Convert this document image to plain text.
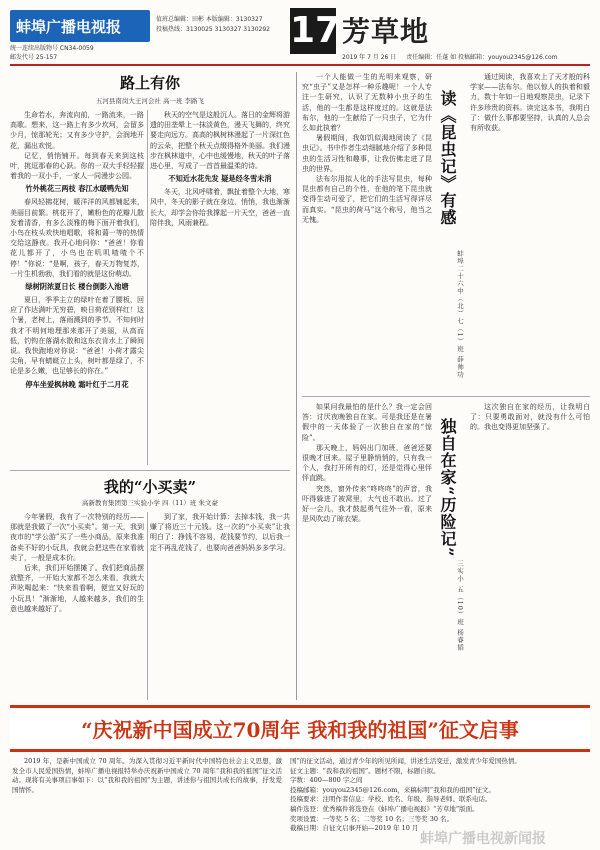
蚌埠广播电视报
统一连续出版物号 CN34-0059
邮发代号 25-157
值班总编辑：田彬 本版编辑：3130327
投稿热线：3130025 3130327 3130292 17 芳草地
2019 年 7 月 26 日 责任编辑：任蓬 如 投稿邮箱：youyou2345@126.com
路上有你
五河县南岗大王河会社 高一班 李路飞

生命若水，奔流向前，一路流来，一路高歌。想来，这一路上有多少坎坷，会留多少月，惊那轮光；又有多少守护，会润地开花，漏出欢悦。

记忆，悄悄铺开。每到春天来到这枝叶，挑逗那春的心跃。你的一双大手轻轻握着我的一双小手，一家人一同漫步公园。

竹外桃花三两枝 春江水暖鸭先知

春风轻拂花树，暖洋洋的风都铺起来，美丽目前繁。桃花开了，嫩粉色的花瓣儿散发着清香，有多么淡雅的梅下面开着我们，小鸟在枝头欢快地唱歌，将和蔼一等的热情交给这静夜。我开心地问你：“爸爸！你看花儿都开了，小鸟也在叽叽喳喳个不停！”你说：“是啊，孩子，春天万物复苏，一片生机勃勃，我们看的就是这份萌动。

绿树阴浓夏日长 楼台倒影入池塘

夏日，季季主立的绿叶在着了腰板，回应了作达满叶无穷碧，映日荷花别样红！这个暑，老树上，落雨溅到的季节。不知何时我才不明何地理那来那开了美丽，从高而低，钓钩在落湖水散和这东衣肯水上了瞬间说。我快跑地对你说：“爸爸！小荷才露尖尖角，早有蜻蜓立上头，树叶都是绿了，不论是多么嫩，也足够长的你在。”

停车坐爱枫林晚 霜叶红于二月花

秋天的空气是这般沉人。落日的金辉将游遗的田垄晕上一抹淡黄色，漫天飞舞的，终究要走向远方。高高的枫树林漫起了一片深红色的云朵，把整个秋天点缀得格外美丽。我们漫步在枫林道中，心中也缓慢地，秋天的叶子落进心里，写成了一首首最温柔的诗。

不知近水花先发 疑是经冬雪未消

冬天，北风呼啸着，飘扯着整个大地，寒风中，冬天的影子就在身边，悄悄，我也渐渐长大，却学会你给我撑起一片天空，爸爸一直陪伴我，风雨兼程。

我的“小买卖”
高新教育集团第三实验小学 四（11）班 朱文豪

今年暑假，我有了一次特别的经历——那就是我做了一次“小买卖”。第一天，我到夜市的“学公游”买了一些小商品，原来我准备卖不好的小玩具，我就会把这些在家看就卖了，一般是成本价。

后来，我们开始摆摊了。我们把商品摆放整齐，一开始大家都不怎么来看，我就大声吆喝起来：“快来看看啊，便宜又好玩的小玩具！”渐渐地，人越来越多，我们的生意也越来越好了。

到了家，我开始计算：去掉本钱，我一共赚了将近三十元钱。这一次的“小买卖”让我明白了：挣钱不容易，花钱要节约，以后我一定不再乱花钱了，也要向爸爸妈妈多多学习。

一个人能做一生的光明来观察，研究“虫子”又是怎样一种乐趣呢！一个人专注一生研究，认识了无数种小虫子的生活，他的一生都是这样度过的。这就是法布尔，他的一生献给了一只虫子，它为什么如此执着？

暑假期间，我如饥似渴地阅读了《昆虫记》。书中作者生动细腻地介绍了多种昆虫的生活习性和趣事，让我仿佛走进了昆虫的世界。

法布尔用拟人化的手法写昆虫，每种昆虫都有自己的个性，在他的笔下昆虫就变得生动可爱了，把它们的生活写得详尽而真实。“昆虫的荷马”这个称号，他当之无愧。	读《昆虫记》有感
蚌埠二十六中（北）七（1）班 薛帅功

通过阅读，我喜欢上了天才般的科学家——法布尔。他以惊人的执着和毅力，数十年如一日地观察昆虫，记录下许多珍贵的资料。读完这本书，我明白了：做什么事都要坚持，认真的人总会有所收获。

如果问我最怕的是什么？我一定会回答：讨厌夜晚独自在家。可是我还是在暑假中的一天体验了一次独自在家的“惊险”。

那天晚上，妈妈出门加班，爸爸还要很晚才回来。屋子里静悄悄的，只有我一个人，我打开所有的灯，还是觉得心里怦怦直跳。

突然，窗外传来“咚咚咚”的声音，我吓得躲进了被窝里，大气也不敢出。过了好一会儿，我才鼓起勇气往外一看，原来是风吹动了晾衣架。	独自在家“历险记”
三实小 五（10）班 杨睿韬

这次独自在家的经历，让我明白了：只要勇敢面对，就没有什么可怕的。我也变得更加坚强了。

“庆祝新中国成立70周年 我和我的祖国”征文启事
2019 年，是新中国成立 70 周年。为深入贯彻习近平新时代中国特色社会主义思想，激发全市人民爱国热情，蚌埠广播电视报特举办庆祝新中国成立 70 周年“我和我的祖国”征文活动。现将有关事项启事如下：以“我和我的祖国”为主题，讲述你与祖国共成长的故事，抒发爱国情怀。
国”的征文活动，通过青少年的所见所闻，讲述生活变迁，激发青少年爱国热情。
征文主题：“我和我的祖国”。题材不限，标题自拟。
字数：400—800 字之间
投稿邮箱：youyou2345@126.com，来稿标明“我和我的祖国”征文。
投稿要求：注明作者信息：学校、姓名、年级、指导老师、联系电话。
稿件选登：优秀稿件将选登在《蚌埠广播电视报》“芳草地”版面。
奖项设置：一等奖 5 名；二等奖 10 名；三等奖 30 名。
截稿日期：自征文启事开始—2019 年 10 月
蚌埠广播电视新闻报
